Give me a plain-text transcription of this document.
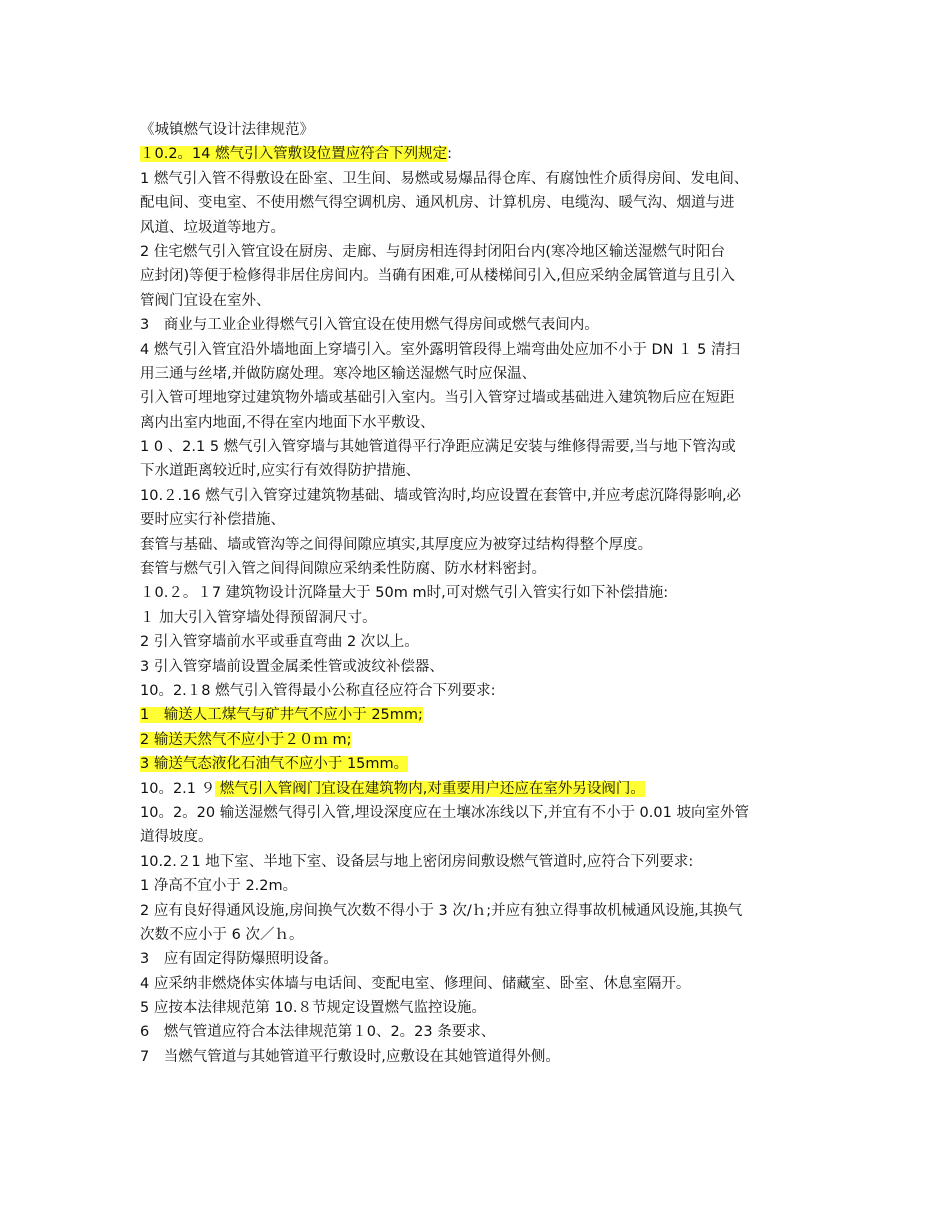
《城镇燃气设计法律规范》
１0.2。14 燃气引入管敷设位置应符合下列规定:
1 燃气引入管不得敷设在卧室、卫生间、易燃或易爆品得仓库、有腐蚀性介质得房间、发电间、
配电间、变电室、不使用燃气得空调机房、通风机房、计算机房、电缆沟、暖气沟、烟道与进
风道、垃圾道等地方。
2 住宅燃气引入管宜设在厨房、走廊、与厨房相连得封闭阳台内(寒冷地区输送湿燃气时阳台
应封闭)等便于检修得非居住房间内。当确有困难,可从楼梯间引入,但应采纳金属管道与且引入
管阀门宜设在室外、
3　商业与工业企业得燃气引入管宜设在使用燃气得房间或燃气表间内。
4 燃气引入管宜沿外墙地面上穿墙引入。室外露明管段得上端弯曲处应加不小于 DN １ 5 清扫
用三通与丝堵,并做防腐处理。寒冷地区输送湿燃气时应保温、
引入管可埋地穿过建筑物外墙或基础引入室内。当引入管穿过墙或基础进入建筑物后应在短距
离内出室内地面,不得在室内地面下水平敷设、
1 0 、2.1 5 燃气引入管穿墙与其她管道得平行净距应满足安装与维修得需要,当与地下管沟或
下水道距离较近时,应实行有效得防护措施、
10.２.16 燃气引入管穿过建筑物基础、墙或管沟时,均应设置在套管中,并应考虑沉降得影响,必
要时应实行补偿措施、
套管与基础、墙或管沟等之间得间隙应填实,其厚度应为被穿过结构得整个厚度。
套管与燃气引入管之间得间隙应采纳柔性防腐、防水材料密封。
１0.２。１7 建筑物设计沉降量大于 50m m时,可对燃气引入管实行如下补偿措施:
１ 加大引入管穿墙处得预留洞尺寸。
2 引入管穿墙前水平或垂直弯曲 2 次以上。
3 引入管穿墙前设置金属柔性管或波纹补偿器、
10。2.１8 燃气引入管得最小公称直径应符合下列要求:
1　输送人工煤气与矿井气不应小于 25mm;
2 输送天然气不应小于２０ｍ m;
3 输送气态液化石油气不应小于 15mm。
10。2.1 ９ 燃气引入管阀门宜设在建筑物内,对重要用户还应在室外另设阀门。
10。2。20 输送湿燃气得引入管,埋设深度应在土壤冰冻线以下,并宜有不小于 0.01 坡向室外管
道得坡度。
10.2.２1 地下室、半地下室、设备层与地上密闭房间敷设燃气管道时,应符合下列要求:
1 净高不宜小于 2.2m。
2 应有良好得通风设施,房间换气次数不得小于 3 次/ｈ;并应有独立得事故机械通风设施,其换气
次数不应小于 6 次／ｈ。
3　应有固定得防爆照明设备。
4 应采纳非燃烧体实体墙与电话间、变配电室、修理间、储藏室、卧室、休息室隔开。
5 应按本法律规范第 10.８节规定设置燃气监控设施。
6　燃气管道应符合本法律规范第１0、2。23 条要求、
7　当燃气管道与其她管道平行敷设时,应敷设在其她管道得外侧。
